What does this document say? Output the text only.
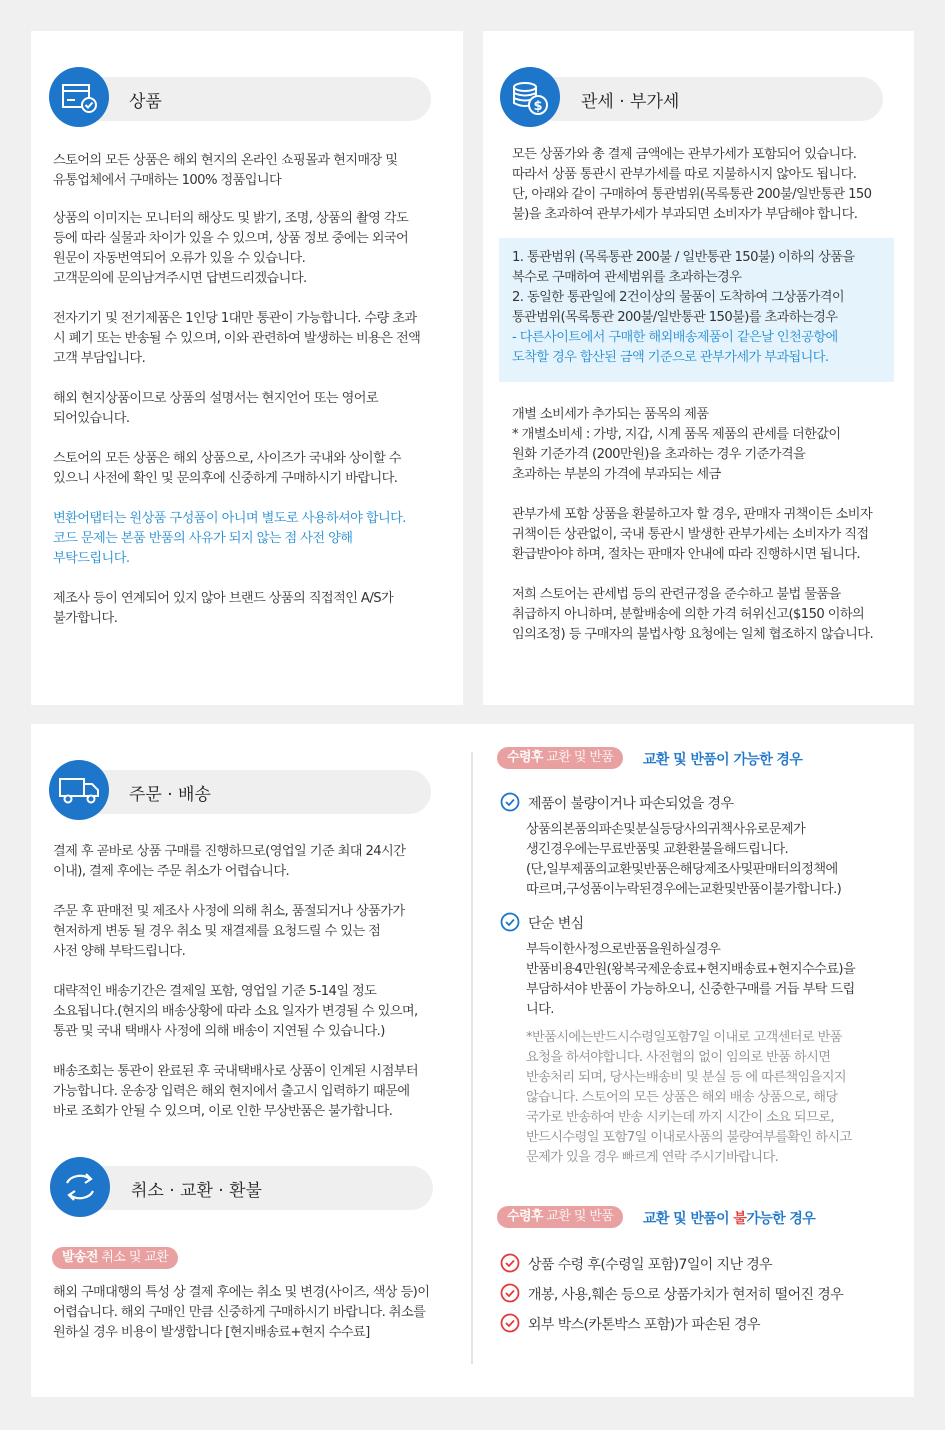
상품

스토어의 모든 상품은 해외 현지의 온라인 쇼핑몰과 현지매장 및
유통업체에서 구매하는 100% 정품입니다

상품의 이미지는 모니터의 해상도 및 밝기, 조명, 상품의 촬영 각도
등에 따라 실물과 차이가 있을 수 있으며, 상품 정보 중에는 외국어
원문이 자동번역되어 오류가 있을 수 있습니다.
고객문의에 문의남겨주시면 답변드리겠습니다.

전자기기 및 전기제품은 1인당 1대만 통관이 가능합니다. 수량 초과
시 폐기 또는 반송될 수 있으며, 이와 관련하여 발생하는 비용은 전액
고객 부담입니다.

해외 현지상품이므로 상품의 설명서는 현지언어 또는 영어로
되어있습니다.

스토어의 모든 상품은 해외 상품으로, 사이즈가 국내와 상이할 수
있으니 사전에 확인 및 문의후에 신중하게 구매하시기 바랍니다.

변환어탭터는 원상품 구성품이 아니며 별도로 사용하셔야 합니다.
코드 문제는 본품 반품의 사유가 되지 않는 점 사전 양해
부탁드립니다.

제조사 등이 연계되어 있지 않아 브랜드 상품의 직접적인 A/S가
불가합니다.

관세 · 부가세
$

모든 상품가와 총 결제 금액에는 관부가세가 포함되어 있습니다.
따라서 상품 통관시 관부가세를 따로 지불하시지 않아도 됩니다.
단, 아래와 같이 구매하여 통관범위(목록통관 200불/일반통관 150
불)을 초과하여 관부가세가 부과되면 소비자가 부담해야 합니다.

1. 통관범위 (목록통관 200불 / 일반통관 150불) 이하의 상품을
복수로 구매하여 관세범위를 초과하는경우
2. 동일한 통관일에 2건이상의 물품이 도착하여 그상품가격이
통관범위(목록통관 200불/일반통관 150불)를 초과하는경우

- 다른사이트에서 구매한 해외배송제품이 같은날 인천공항에
도착할 경우 합산된 금액 기준으로 관부가세가 부과됩니다.

개별 소비세가 추가되는 품목의 제품
* 개별소비세 : 가방, 지갑, 시계 품목 제품의 관세를 더한값이
원화 기준가격 (200만원)을 초과하는 경우 기준가격을
초과하는 부분의 가격에 부과되는 세금

관부가세 포함 상품을 환불하고자 할 경우, 판매자 귀책이든 소비자
귀책이든 상관없이, 국내 통관시 발생한 관부가세는 소비자가 직접
환급받아야 하며, 절차는 판매자 안내에 따라 진행하시면 됩니다.

저희 스토어는 관세법 등의 관련규정을 준수하고 불법 물품을
취급하지 아니하며, 분할배송에 의한 가격 허위신고($150 이하의
임의조정) 등 구매자의 불법사항 요청에는 일체 협조하지 않습니다.

주문 · 배송

결제 후 곧바로 상품 구매를 진행하므로(영업일 기준 최대 24시간
이내), 결제 후에는 주문 취소가 어렵습니다.

주문 후 판매전 및 제조사 사정에 의해 취소, 품절되거나 상품가가
현저하게 변동 될 경우 취소 및 재결제를 요청드릴 수 있는 점
사전 양해 부탁드립니다.

대략적인 배송기간은 결제일 포함, 영업일 기준 5-14일 정도
소요됩니다.(현지의 배송상황에 따라 소요 일자가 변경될 수 있으며,
통관 및 국내 택배사 사정에 의해 배송이 지연될 수 있습니다.)

배송조회는 통관이 완료된 후 국내택배사로 상품이 인계된 시점부터
가능합니다. 운송장 입력은 해외 현지에서 출고시 입력하기 때문에
바로 조회가 안될 수 있으며, 이로 인한 무상반품은 불가합니다.

취소 · 교환 · 환불
발송전 취소 및 교환

해외 구매대행의 특성 상 결제 후에는 취소 및 변경(사이즈, 색상 등)이
어렵습니다. 해외 구매인 만큼 신중하게 구매하시기 바랍니다. 취소를
원하실 경우 비용이 발생합니다 [현지배송료+현지 수수료]

수령후 교환 및 반품	교환 및 반품이 가능한 경우
제품이 불량이거나 파손되었을 경우

상품의본품의파손및분실등당사의귀책사유로문제가
생긴경우에는무료반품및 교환환불을해드립니다.
(단,일부제품의교환및반품은해당제조사및판매터의정책에
따르며,구성품이누락된경우에는교환및반품이불가합니다.)

단순 변심

부득이한사정으로반품을원하실경우
반품비용4만원(왕복국제운송료+현지배송료+현지수수료)을
부담하셔야 반품이 가능하오니, 신중한구매를 거듭 부탁 드립
니다.

*반품시에는반드시수령일포함7일 이내로 고객센터로 반품
요청을 하셔야합니다. 사전협의 없이 임의로 반품 하시면
반송처리 되며, 당사는배송비 및 분실 등 에 따른책임을지지
않습니다. 스토어의 모든 상품은 해외 배송 상품으로, 해당
국가로 반송하여 반송 시키는데 까지 시간이 소요 되므로,
반드시수령일 포함7일 이내로사품의 불량여부를확인 하시고
문제가 있을 경우 빠르게 연락 주시기바랍니다.

수령후 교환 및 반품	교환 및 반품이 불가능한 경우
상품 수령 후(수령일 포함)7일이 지난 경우
개봉, 사용,훼손 등으로 상품가치가 현저히 떨어진 경우
외부 박스(카톤박스 포함)가 파손된 경우
